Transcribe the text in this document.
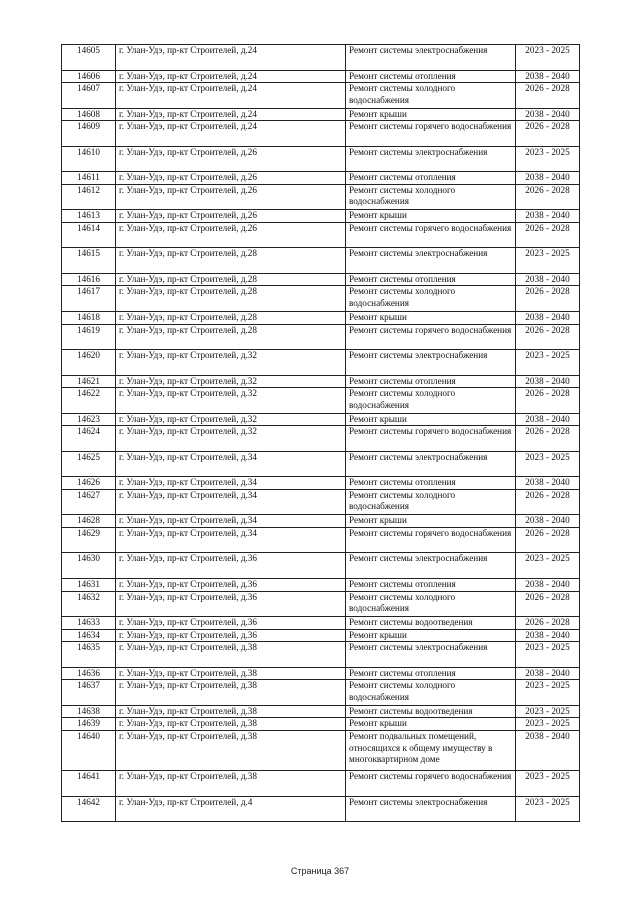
14605	г. Улан-Удэ, пр-кт Строителей, д.24	Ремонт системы электроснабжения	2023 - 2025
14606	г. Улан-Удэ, пр-кт Строителей, д.24	Ремонт системы отопления	2038 - 2040
14607	г. Улан-Удэ, пр-кт Строителей, д.24	Ремонт системы холодного водоснабжения	2026 - 2028
14608	г. Улан-Удэ, пр-кт Строителей, д.24	Ремонт крыши	2038 - 2040
14609	г. Улан-Удэ, пр-кт Строителей, д.24	Ремонт системы горячего водоснабжения	2026 - 2028
14610	г. Улан-Удэ, пр-кт Строителей, д.26	Ремонт системы электроснабжения	2023 - 2025
14611	г. Улан-Удэ, пр-кт Строителей, д.26	Ремонт системы отопления	2038 - 2040
14612	г. Улан-Удэ, пр-кт Строителей, д.26	Ремонт системы холодного водоснабжения	2026 - 2028
14613	г. Улан-Удэ, пр-кт Строителей, д.26	Ремонт крыши	2038 - 2040
14614	г. Улан-Удэ, пр-кт Строителей, д.26	Ремонт системы горячего водоснабжения	2026 - 2028
14615	г. Улан-Удэ, пр-кт Строителей, д.28	Ремонт системы электроснабжения	2023 - 2025
14616	г. Улан-Удэ, пр-кт Строителей, д.28	Ремонт системы отопления	2038 - 2040
14617	г. Улан-Удэ, пр-кт Строителей, д.28	Ремонт системы холодного водоснабжения	2026 - 2028
14618	г. Улан-Удэ, пр-кт Строителей, д.28	Ремонт крыши	2038 - 2040
14619	г. Улан-Удэ, пр-кт Строителей, д.28	Ремонт системы горячего водоснабжения	2026 - 2028
14620	г. Улан-Удэ, пр-кт Строителей, д.32	Ремонт системы электроснабжения	2023 - 2025
14621	г. Улан-Удэ, пр-кт Строителей, д.32	Ремонт системы отопления	2038 - 2040
14622	г. Улан-Удэ, пр-кт Строителей, д.32	Ремонт системы холодного водоснабжения	2026 - 2028
14623	г. Улан-Удэ, пр-кт Строителей, д.32	Ремонт крыши	2038 - 2040
14624	г. Улан-Удэ, пр-кт Строителей, д.32	Ремонт системы горячего водоснабжения	2026 - 2028
14625	г. Улан-Удэ, пр-кт Строителей, д.34	Ремонт системы электроснабжения	2023 - 2025
14626	г. Улан-Удэ, пр-кт Строителей, д.34	Ремонт системы отопления	2038 - 2040
14627	г. Улан-Удэ, пр-кт Строителей, д.34	Ремонт системы холодного водоснабжения	2026 - 2028
14628	г. Улан-Удэ, пр-кт Строителей, д.34	Ремонт крыши	2038 - 2040
14629	г. Улан-Удэ, пр-кт Строителей, д.34	Ремонт системы горячего водоснабжения	2026 - 2028
14630	г. Улан-Удэ, пр-кт Строителей, д.36	Ремонт системы электроснабжения	2023 - 2025
14631	г. Улан-Удэ, пр-кт Строителей, д.36	Ремонт системы отопления	2038 - 2040
14632	г. Улан-Удэ, пр-кт Строителей, д.36	Ремонт системы холодного водоснабжения	2026 - 2028
14633	г. Улан-Удэ, пр-кт Строителей, д.36	Ремонт системы водоотведения	2026 - 2028
14634	г. Улан-Удэ, пр-кт Строителей, д.36	Ремонт крыши	2038 - 2040
14635	г. Улан-Удэ, пр-кт Строителей, д.38	Ремонт системы электроснабжения	2023 - 2025
14636	г. Улан-Удэ, пр-кт Строителей, д.38	Ремонт системы отопления	2038 - 2040
14637	г. Улан-Удэ, пр-кт Строителей, д.38	Ремонт системы холодного водоснабжения	2023 - 2025
14638	г. Улан-Удэ, пр-кт Строителей, д.38	Ремонт системы водоотведения	2023 - 2025
14639	г. Улан-Удэ, пр-кт Строителей, д.38	Ремонт крыши	2023 - 2025
14640	г. Улан-Удэ, пр-кт Строителей, д.38	Ремонт подвальных помещений, относящихся к общему имуществу в многоквартирном доме	2038 - 2040
14641	г. Улан-Удэ, пр-кт Строителей, д.38	Ремонт системы горячего водоснабжения	2023 - 2025
14642	г. Улан-Удэ, пр-кт Строителей, д.4	Ремонт системы электроснабжения	2023 - 2025
Страница 367
